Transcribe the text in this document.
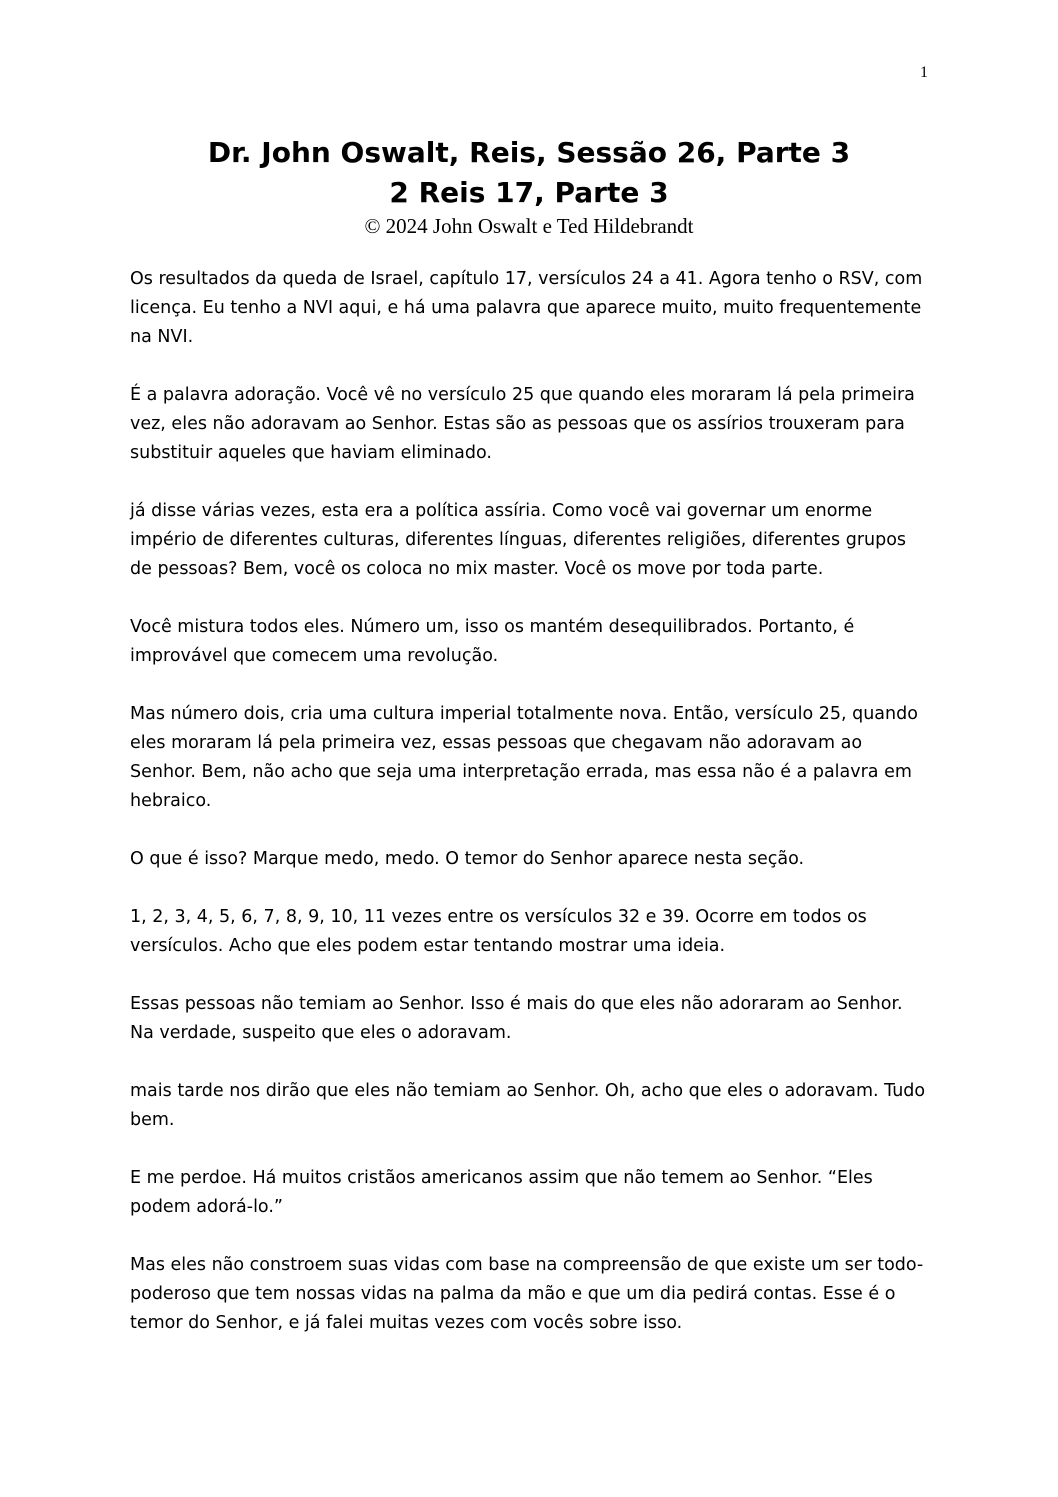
1

Dr. John Oswalt, Reis, Sessão 26, Parte 3

2 Reis 17, Parte 3

© 2024 John Oswalt e Ted Hildebrandt

Os resultados da queda de Israel, capítulo 17, versículos 24 a 41. Agora tenho o RSV, com licença. Eu tenho a NVI aqui, e há uma palavra que aparece muito, muito frequentemente na NVI.

É a palavra adoração. Você vê no versículo 25 que quando eles moraram lá pela primeira vez, eles não adoravam ao Senhor. Estas são as pessoas que os assírios trouxeram para substituir aqueles que haviam eliminado.

já disse várias vezes, esta era a política assíria. Como você vai governar um enorme império de diferentes culturas, diferentes línguas, diferentes religiões, diferentes grupos de pessoas? Bem, você os coloca no mix master. Você os move por toda parte.

Você mistura todos eles. Número um, isso os mantém desequilibrados. Portanto, é improvável que comecem uma revolução.

Mas número dois, cria uma cultura imperial totalmente nova. Então, versículo 25, quando eles moraram lá pela primeira vez, essas pessoas que chegavam não adoravam ao Senhor. Bem, não acho que seja uma interpretação errada, mas essa não é a palavra em hebraico.

O que é isso? Marque medo, medo. O temor do Senhor aparece nesta seção.

1, 2, 3, 4, 5, 6, 7, 8, 9, 10, 11 vezes entre os versículos 32 e 39. Ocorre em todos os versículos. Acho que eles podem estar tentando mostrar uma ideia.

Essas pessoas não temiam ao Senhor. Isso é mais do que eles não adoraram ao Senhor. Na verdade, suspeito que eles o adoravam.

mais tarde nos dirão que eles não temiam ao Senhor. Oh, acho que eles o adoravam. Tudo bem.

E me perdoe. Há muitos cristãos americanos assim que não temem ao Senhor. “Eles podem adorá-lo.”

Mas eles não constroem suas vidas com base na compreensão de que existe um ser todo-poderoso que tem nossas vidas na palma da mão e que um dia pedirá contas. Esse é o temor do Senhor, e já falei muitas vezes com vocês sobre isso.
